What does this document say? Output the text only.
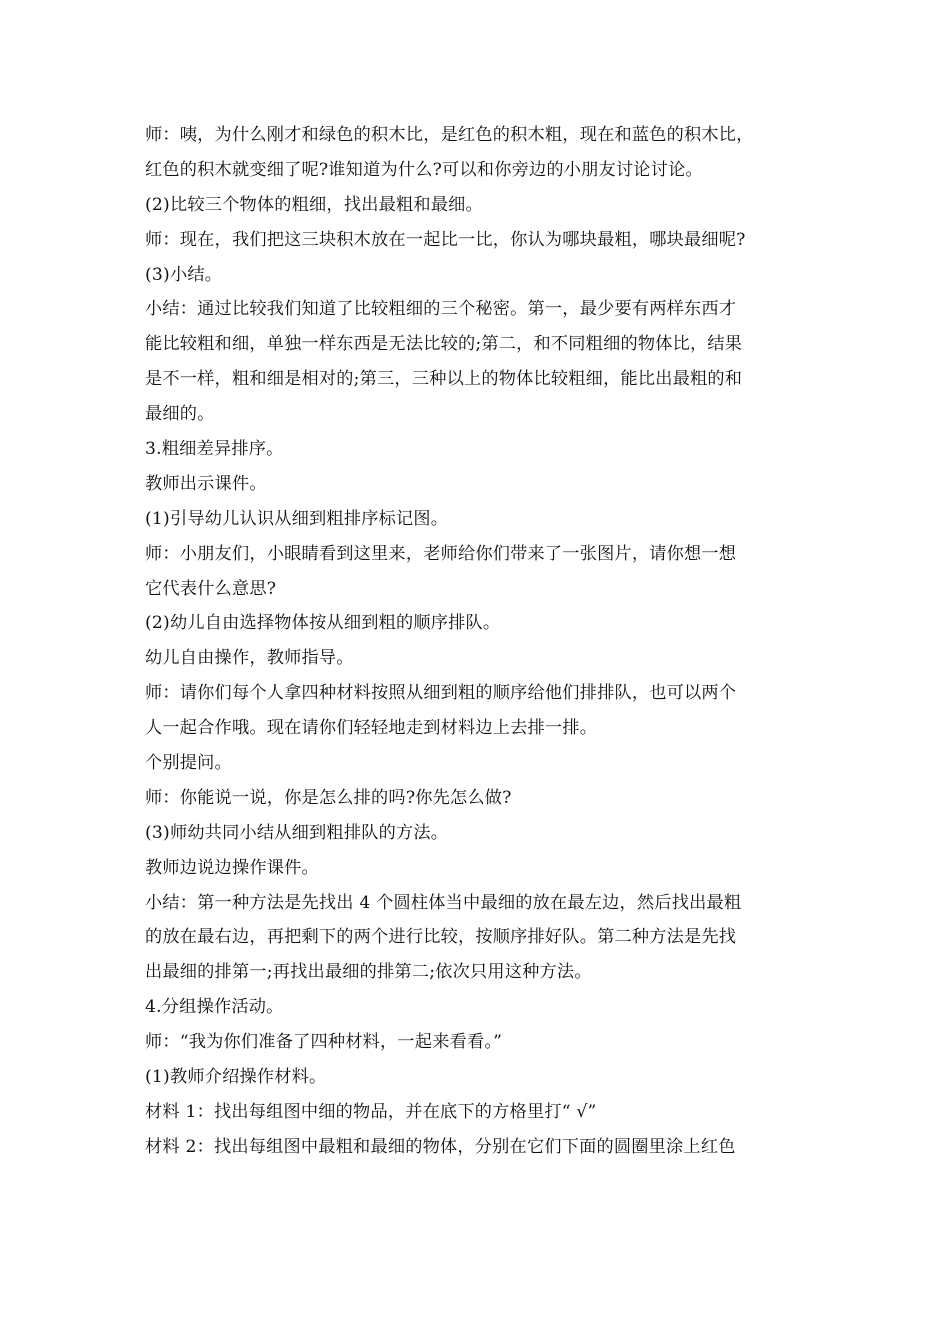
师：咦，为什么刚才和绿色的积木比，是红色的积木粗，现在和蓝色的积木比，
红色的积木就变细了呢?谁知道为什么?可以和你旁边的小朋友讨论讨论。
(2)比较三个物体的粗细，找出最粗和最细。
师：现在，我们把这三块积木放在一起比一比，你认为哪块最粗，哪块最细呢?
(3)小结。
小结：通过比较我们知道了比较粗细的三个秘密。第一，最少要有两样东西才
能比较粗和细，单独一样东西是无法比较的;第二，和不同粗细的物体比，结果
是不一样，粗和细是相对的;第三，三种以上的物体比较粗细，能比出最粗的和
最细的。
3.粗细差异排序。
教师出示课件。
(1)引导幼儿认识从细到粗排序标记图。
师：小朋友们，小眼睛看到这里来，老师给你们带来了一张图片，请你想一想
它代表什么意思?
(2)幼儿自由选择物体按从细到粗的顺序排队。
幼儿自由操作，教师指导。
师：请你们每个人拿四种材料按照从细到粗的顺序给他们排排队，也可以两个
人一起合作哦。现在请你们轻轻地走到材料边上去排一排。
个别提问。
师：你能说一说，你是怎么排的吗?你先怎么做?
(3)师幼共同小结从细到粗排队的方法。
教师边说边操作课件。
小结：第一种方法是先找出 4 个圆柱体当中最细的放在最左边，然后找出最粗
的放在最右边，再把剩下的两个进行比较，按顺序排好队。第二种方法是先找
出最细的排第一;再找出最细的排第二;依次只用这种方法。
4.分组操作活动。
师：“我为你们准备了四种材料，一起来看看。”
(1)教师介绍操作材料。
材料 1：找出每组图中细的物品，并在底下的方格里打“ √”
材料 2：找出每组图中最粗和最细的物体，分别在它们下面的圆圈里涂上红色
